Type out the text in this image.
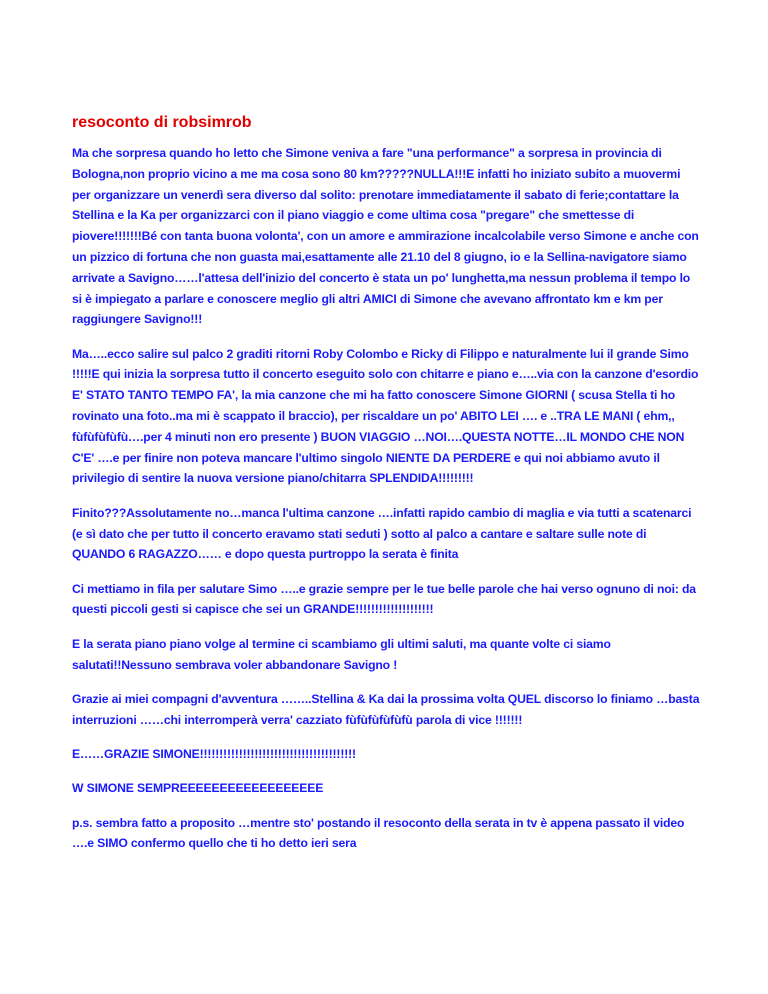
resoconto di robsimrob

Ma che sorpresa quando ho letto che Simone veniva a fare "una performance" a sorpresa in provincia di Bologna,non proprio vicino a me ma cosa sono 80 km?????NULLA!!!E infatti ho iniziato subito a muovermi per organizzare un venerdì sera diverso dal solito: prenotare immediatamente il sabato di ferie;contattare la Stellina e la Ka per organizzarci con il piano viaggio e come ultima cosa "pregare" che smettesse di piovere!!!!!!!Bé con tanta buona volonta', con un amore e ammirazione incalcolabile verso Simone e anche con un pizzico di fortuna che non guasta mai,esattamente alle 21.10 del 8 giugno, io e la Sellina-navigatore siamo arrivate a Savigno……l'attesa dell'inizio del concerto è stata un po' lunghetta,ma nessun problema il tempo lo si è impiegato a parlare e conoscere meglio gli altri AMICI di Simone che avevano affrontato km e km per raggiungere Savigno!!!

Ma…..ecco salire sul palco 2 graditi ritorni Roby Colombo e Ricky di Filippo e naturalmente lui il grande Simo !!!!!E qui inizia la sorpresa tutto il concerto eseguito solo con chitarre e piano e…..via con la canzone d'esordio E' STATO TANTO TEMPO FA', la mia canzone che mi ha fatto conoscere Simone GIORNI ( scusa Stella ti ho rovinato una foto..ma mi è scappato il braccio), per riscaldare un po' ABITO LEI …. e ..TRA LE MANI ( ehm,, fùfùfùfùfù….per 4 minuti non ero presente ) BUON VIAGGIO …NOI….QUESTA NOTTE…IL MONDO CHE NON C'E' ….e per finire non poteva mancare l'ultimo singolo NIENTE DA PERDERE e qui noi abbiamo avuto il privilegio di sentire la nuova versione piano/chitarra SPLENDIDA!!!!!!!!!

Finito???Assolutamente no…manca l'ultima canzone ….infatti rapido cambio di maglia e via tutti a scatenarci (e sì dato che per tutto il concerto eravamo stati seduti ) sotto al palco a cantare e saltare sulle note di QUANDO 6 RAGAZZO…… e dopo questa purtroppo la serata è finita

Ci mettiamo in fila per salutare Simo …..e grazie sempre per le tue belle parole che hai verso ognuno di noi: da questi piccoli gesti si capisce che sei un GRANDE!!!!!!!!!!!!!!!!!!!!

E la serata piano piano volge al termine ci scambiamo gli ultimi saluti, ma quante volte ci siamo salutati!!Nessuno sembrava voler abbandonare Savigno !

Grazie ai miei compagni d'avventura ……..Stellina & Ka dai la prossima volta QUEL discorso lo finiamo …basta interruzioni ……chi interromperà verra' cazziato fùfùfùfùfùfù parola di vice !!!!!!!

E……GRAZIE SIMONE!!!!!!!!!!!!!!!!!!!!!!!!!!!!!!!!!!!!!!!!

W SIMONE SEMPREEEEEEEEEEEEEEEEEE

p.s. sembra fatto a proposito …mentre sto' postando il resoconto della serata in tv è appena passato il video ….e SIMO confermo quello che ti ho detto ieri sera
